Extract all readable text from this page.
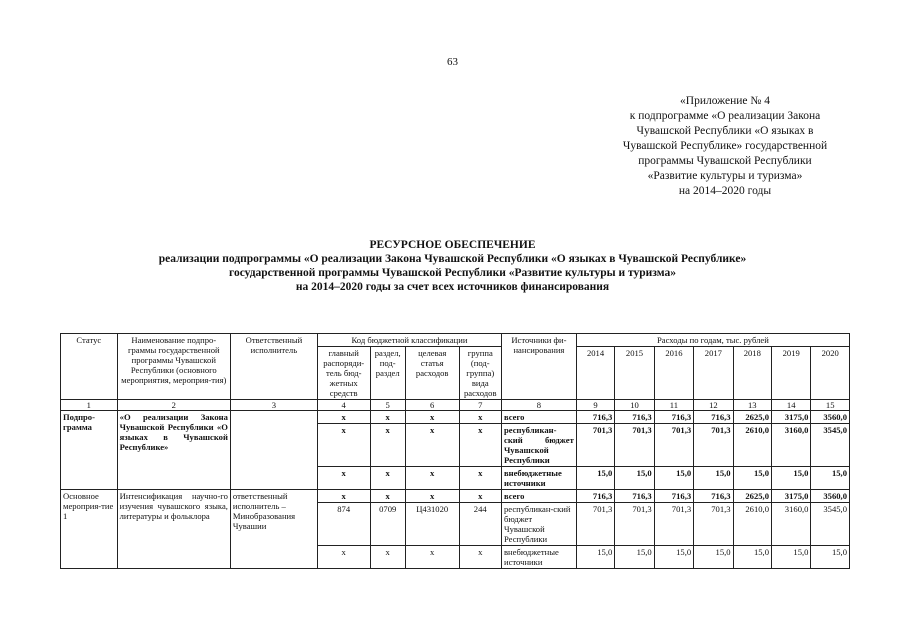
63
«Приложение № 4
к подпрограмме «О реализации Закона
Чувашской Республики «О языках в
Чувашской Республике» государственной
программы Чувашской Республики
«Развитие культуры и туризма»
на 2014–2020 годы
РЕСУРСНОЕ ОБЕСПЕЧЕНИЕ
реализации подпрограммы «О реализации Закона Чувашской Республики «О языках в Чувашской Республике»
государственной программы Чувашской Республики «Развитие культуры и туризма»
на 2014–2020 годы за счет всех источников финансирования
Статус	Наименование подпро-граммы государственной программы Чувашской Республики (основного мероприятия, мероприя-тия)	Ответственный исполнитель	Код бюджетной классификации				Источники фи-нансирования	Расходы по годам, тыс. рублей						
			главный распоряди-тель бюд-жетных средств	раздел, под-раздел	целевая статья расходов	группа (под-группа) вида расходов		2014	2015	2016	2017	2018	2019	2020
1	2	3	4	5	6	7	8	9	10	11	12	13	14	15
Подпро-грамма	«О реализации Закона Чувашской Республики «О языках в Чувашской Республике»		x	x	x	x	всего	716,3	716,3	716,3	716,3	2625,0	3175,0	3560,0
			x	x	x	x	республикан-ский бюджет Чувашской Республики	701,3	701,3	701,3	701,3	2610,0	3160,0	3545,0
			x	x	x	x	внебюджетные источники	15,0	15,0	15,0	15,0	15,0	15,0	15,0
Основное мероприя-тие 1	Интенсификация научно-го изучения чувашского языка, литературы и фольклора	ответственный исполнитель – Минобразования Чувашии	x	x	x	x	всего	716,3	716,3	716,3	716,3	2625,0	3175,0	3560,0
			874	0709	Ц431020	244	республикан-ский бюджет Чувашской Республики	701,3	701,3	701,3	701,3	2610,0	3160,0	3545,0
			x	x	x	x	внебюджетные источники	15,0	15,0	15,0	15,0	15,0	15,0	15,0
